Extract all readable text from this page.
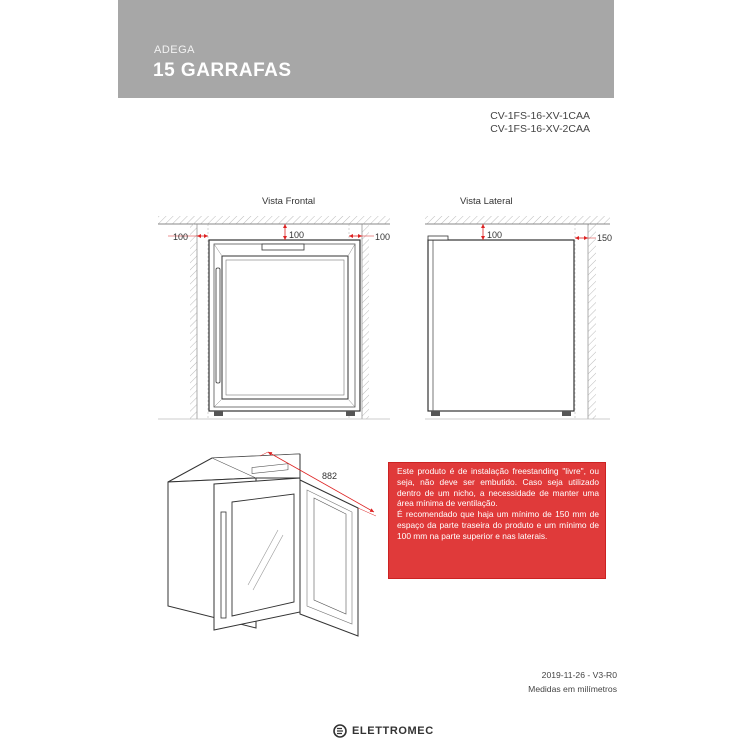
ADEGA
15 GARRAFAS
CV-1FS-16-XV-1CAA
CV-1FS-16-XV-2CAA
Vista Frontal	Vista Lateral
100	100	100	100	150
882	Este produto é de instalação freestanding "livre", ou seja, não deve ser embutido. Caso seja utilizado dentro de um nicho, a necessidade de manter uma área mínima de ventilação.

É recomendado que haja um mínimo de 150 mm de espaço da parte traseira do produto e um mínimo de 100 mm na parte superior e nas laterais.

2019-11-26 - V3-R0
Medidas em milímetros
ELETTROMEC
